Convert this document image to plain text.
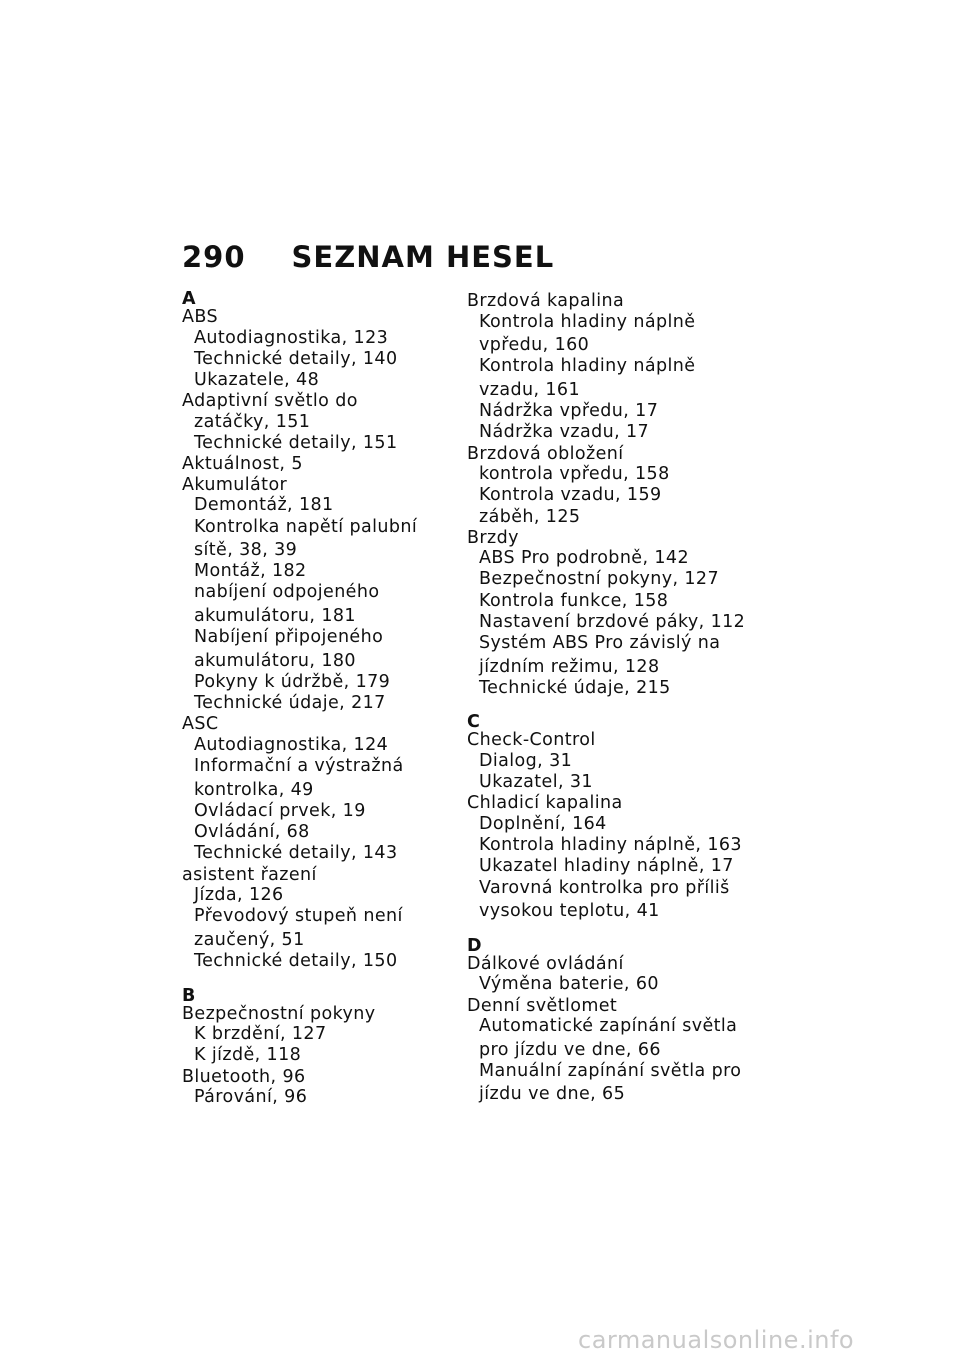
290 SEZNAM HESEL
A
ABS
Autodiagnostika, 123
Technické detaily, 140
Ukazatele, 48
Adaptivní světlo do
zatáčky, 151
Technické detaily, 151
Aktuálnost, 5
Akumulátor
Demontáž, 181
Kontrolka napětí palubní
sítě, 38, 39
Montáž, 182
nabíjení odpojeného
akumulátoru, 181
Nabíjení připojeného
akumulátoru, 180
Pokyny k údržbě, 179
Technické údaje, 217
ASC
Autodiagnostika, 124
Informační a výstražná
kontrolka, 49
Ovládací prvek, 19
Ovládání, 68
Technické detaily, 143
asistent řazení
Jízda, 126
Převodový stupeň není
zaučený, 51
Technické detaily, 150
B
Bezpečnostní pokyny
K brzdění, 127
K jízdě, 118
Bluetooth, 96
Párování, 96
Brzdová kapalina
Kontrola hladiny náplně
vpředu, 160
Kontrola hladiny náplně
vzadu, 161
Nádržka vpředu, 17
Nádržka vzadu, 17
Brzdová obložení
kontrola vpředu, 158
Kontrola vzadu, 159
záběh, 125
Brzdy
ABS Pro podrobně, 142
Bezpečnostní pokyny, 127
Kontrola funkce, 158
Nastavení brzdové páky, 112
Systém ABS Pro závislý na
jízdním režimu, 128
Technické údaje, 215
C
Check-Control
Dialog, 31
Ukazatel, 31
Chladicí kapalina
Doplnění, 164
Kontrola hladiny náplně, 163
Ukazatel hladiny náplně, 17
Varovná kontrolka pro příliš
vysokou teplotu, 41
D
Dálkové ovládání
Výměna baterie, 60
Denní světlomet
Automatické zapínání světla
pro jízdu ve dne, 66
Manuální zapínání světla pro
jízdu ve dne, 65
carmanualsonline.info
